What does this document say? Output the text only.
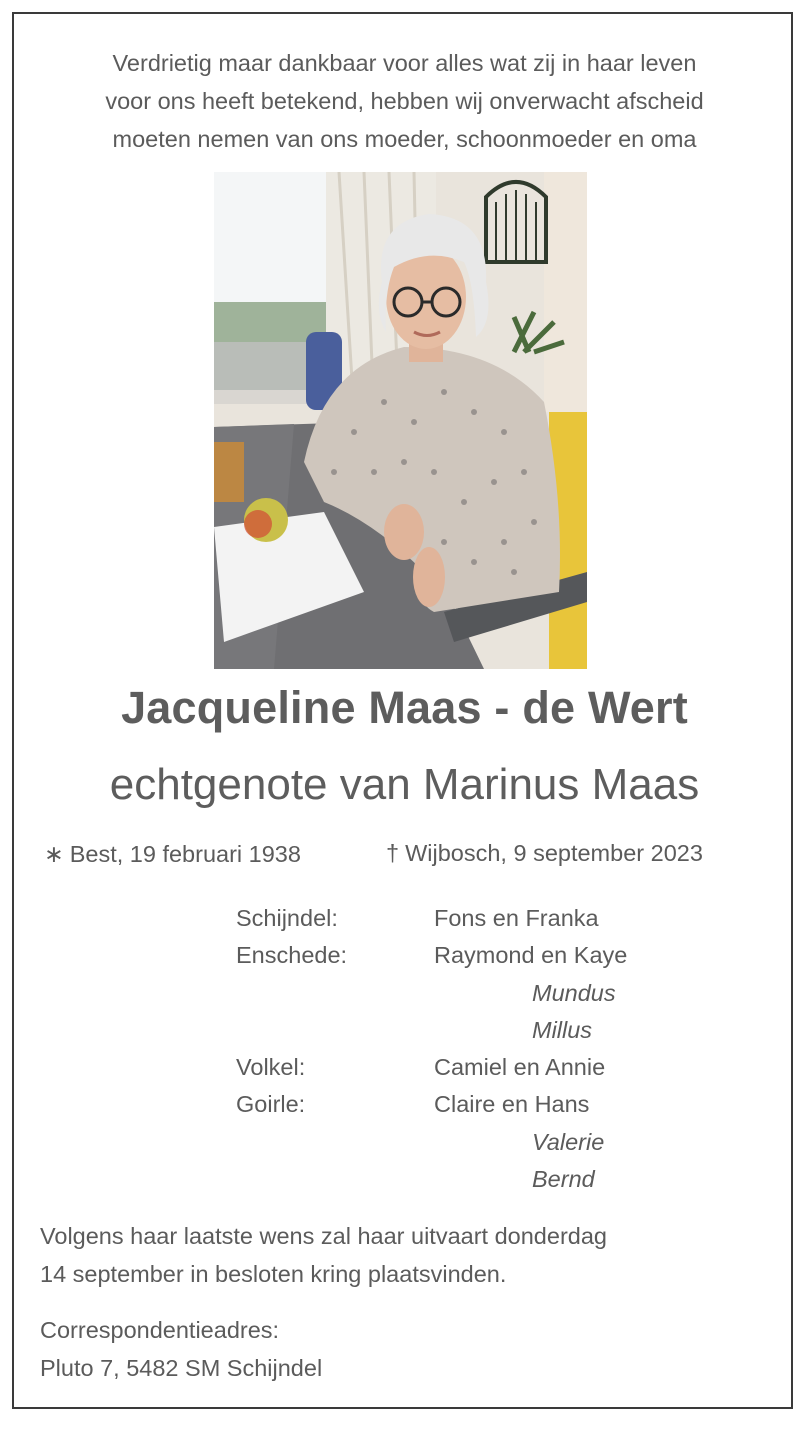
Verdrietig maar dankbaar voor alles wat zij in haar leven
voor ons heeft betekend, hebben wij onverwacht afscheid
moeten nemen van ons moeder, schoonmoeder en oma
Jacqueline Maas - de Wert
echtgenote van Marinus Maas
∗ Best, 19 februari 1938	† Wijbosch, 9 september 2023
Schijndel:	Fons en Franka
Enschede:	Raymond en Kaye
Mundus
Millus
Volkel:	Camiel en Annie
Goirle:	Claire en Hans
Valerie
Bernd
Volgens haar laatste wens zal haar uitvaart donderdag
14 september in besloten kring plaatsvinden.
Correspondentieadres:
Pluto 7, 5482 SM Schijndel
